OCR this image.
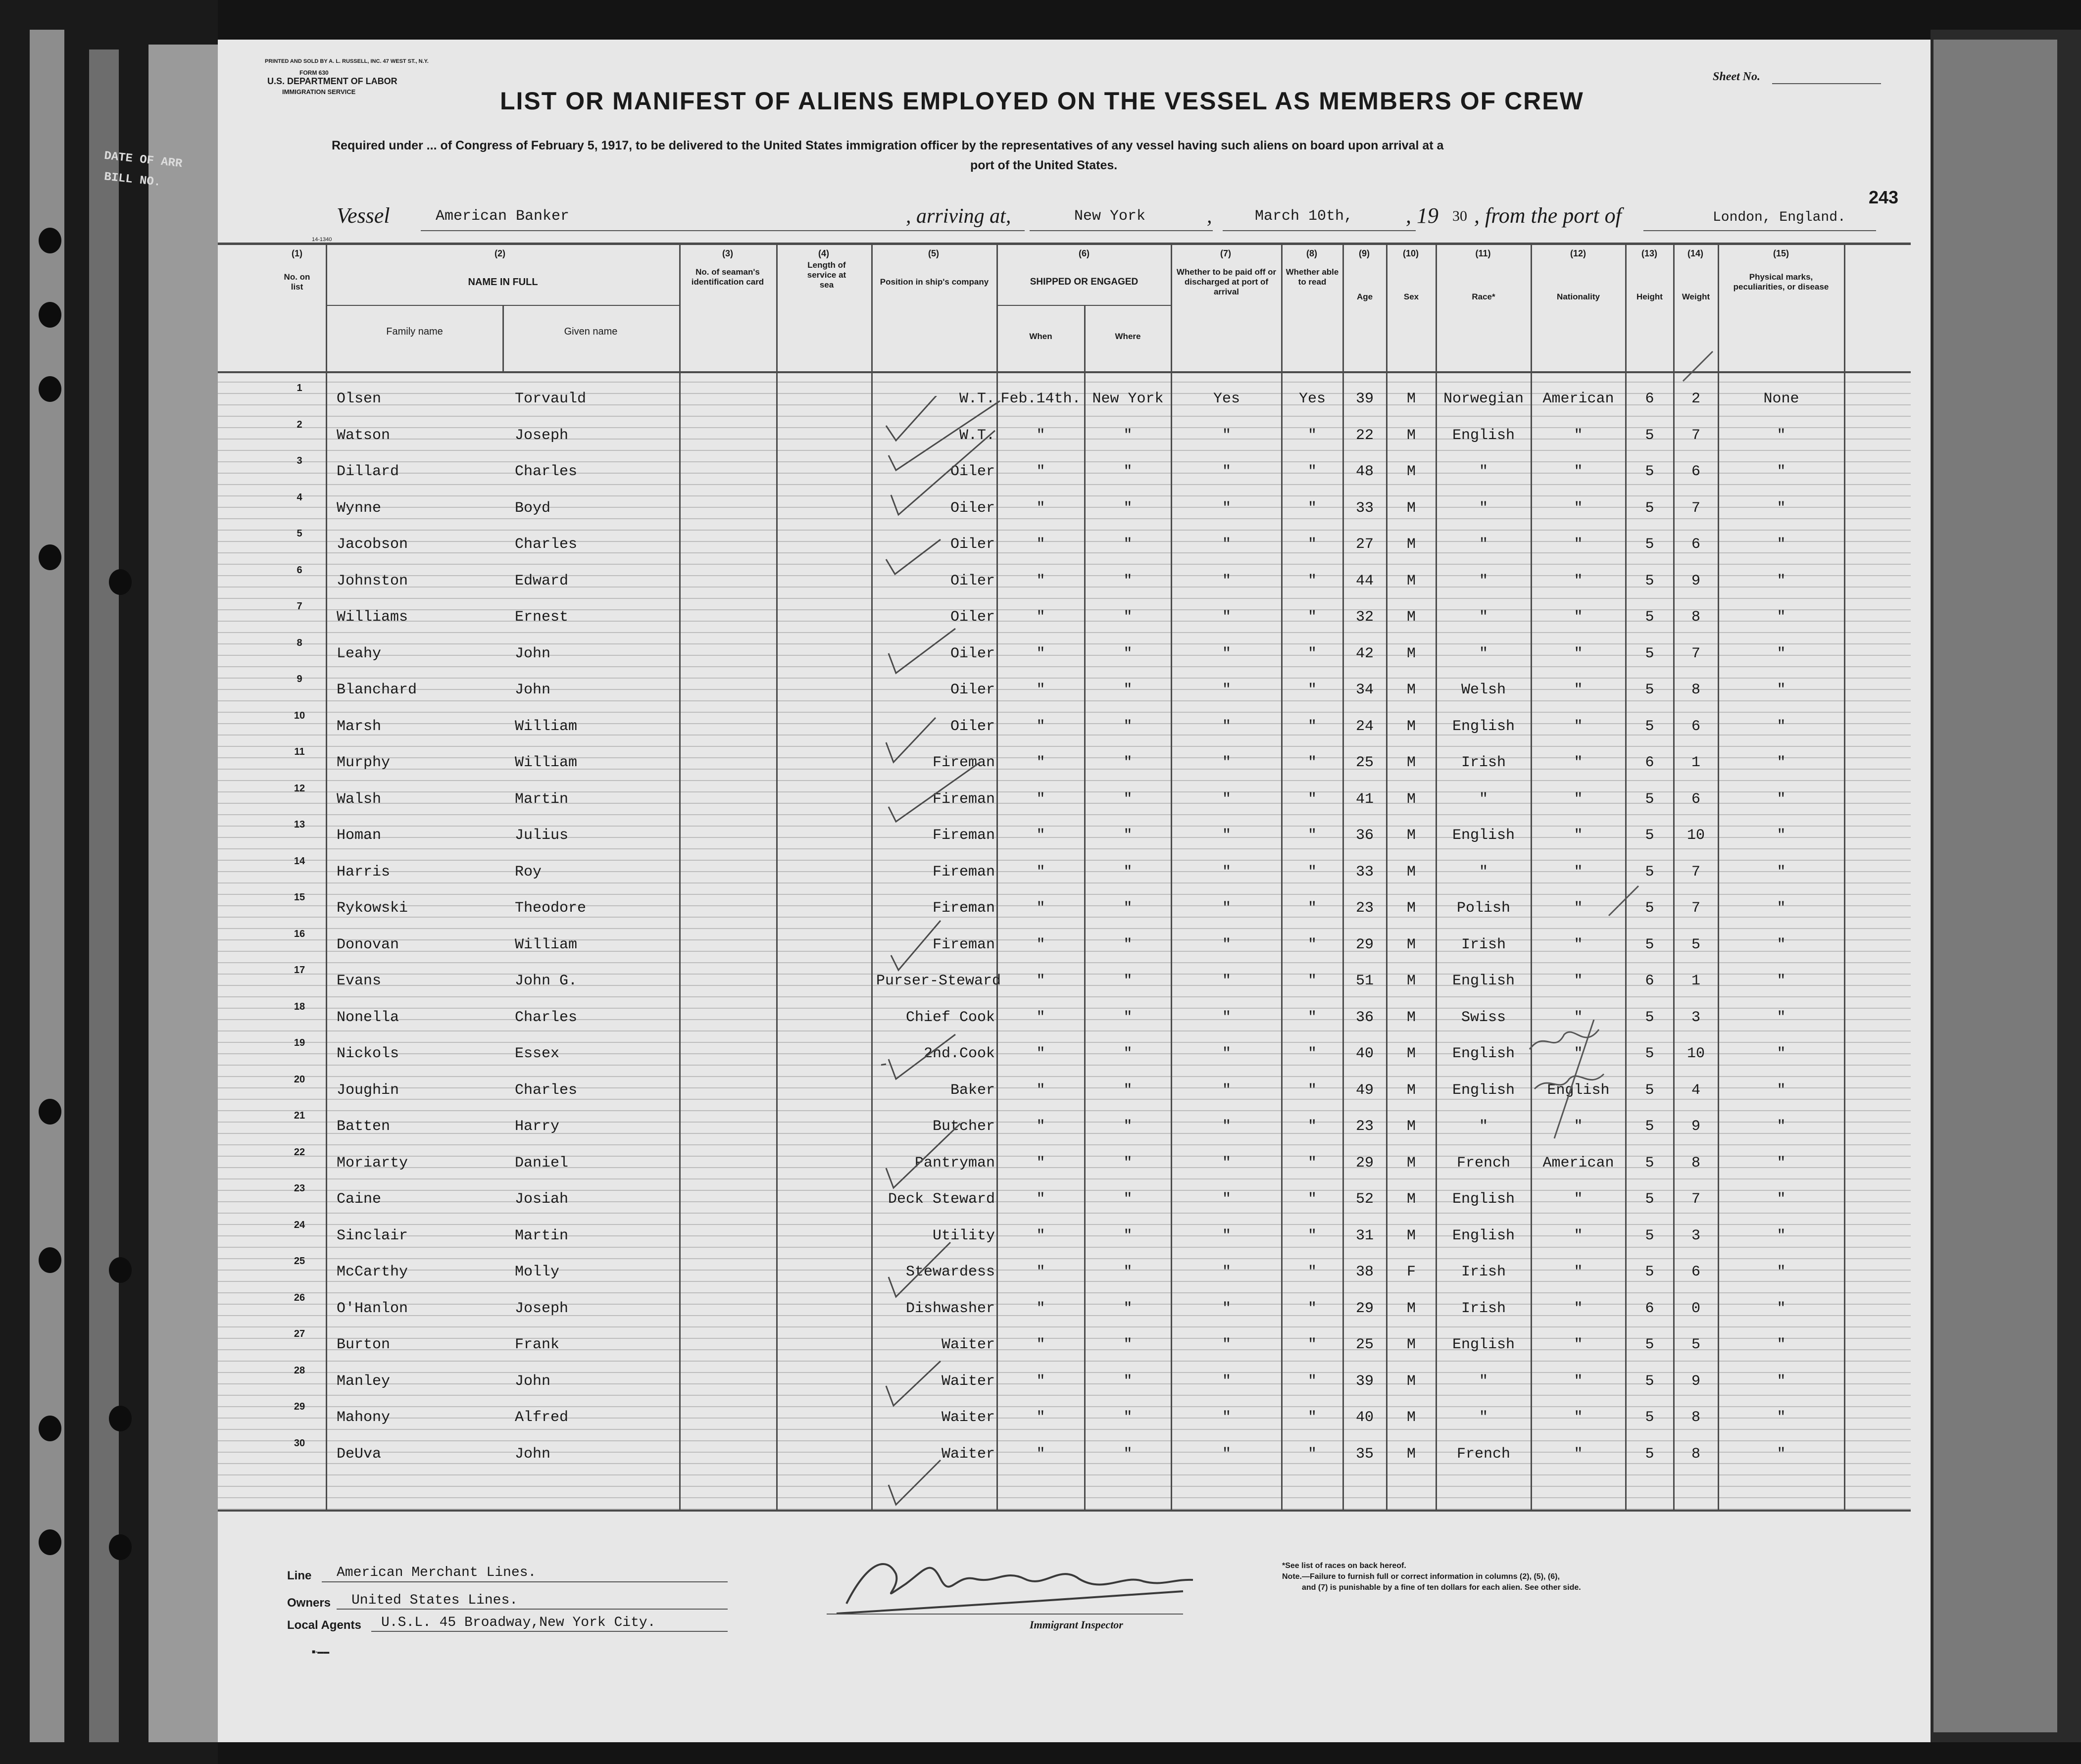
PRINTED AND SOLD BY A. L. RUSSELL, INC. 47 WEST ST., N.Y.
FORM 630
U.S. DEPARTMENT OF LABOR
IMMIGRATION SERVICE	LIST OR MANIFEST OF ALIENS EMPLOYED ON THE VESSEL AS MEMBERS OF CREW
Sheet No.
Required under ... of Congress of February 5, 1917, to be delivered to the United States immigration officer by the representatives of any vessel having such aliens on board upon arrival at a
port of the United States.
DATE OF ARR
BILL NO.
243
14-1340
Vessel	American Banker	, arriving at,	New York	,	March 10th, , 19 30 , from the port of	London, England.
(1)	(2)	(3)	(4)	(5)	(6)	(7)	(8)	(9)	(10)	(11)	(12)	(13)	(14)	(15)
No. on list	NAME IN FULL
Family name	Given name
No. of seaman's identification card
Length of service at sea	Position in ship's company	SHIPPED OR ENGAGED
When	Where
Whether to be paid off or discharged at port of arrival
Whether able to read
Age	Sex	Race*	Nationality	Height	Weight
Physical marks, peculiarities, or disease
1
Olsen	Torvauld	W.T. Feb.14th. New York	Yes	Yes	39	M	Norwegian	American	6	2	None
2
Watson	Joseph	W.T.	"	"	"	"	22	M	English	"	5	7	"
3
Dillard	Charles	Oiler	"	"	"	"	48	M	"	"	5	6	"
4
Wynne	Boyd	Oiler	"	"	"	"	33	M	"	"	5	7	"
5
Jacobson	Charles	Oiler	"	"	"	"	27	M	"	"	5	6	"
6
Johnston	Edward	Oiler	"	"	"	"	44	M	"	"	5	9	"
7
Williams	Ernest	Oiler	"	"	"	"	32	M	"	"	5	8	"
8
Leahy	John	Oiler	"	"	"	"	42	M	"	"	5	7	"
9
Blanchard	John	Oiler	"	"	"	"	34	M	Welsh	"	5	8	"
10
Marsh	William	Oiler	"	"	"	"	24	M	English	"	5	6	"
11
Murphy	William	Fireman	"	"	"	"	25	M	Irish	"	6	1	"
12
Walsh	Martin	Fireman	"	"	"	"	41	M	"	"	5	6	"
13
Homan	Julius	Fireman	"	"	"	"	36	M	English	"	5	10	"
14
Harris	Roy	Fireman	"	"	"	"	33	M	"	"	5	7	"
15
Rykowski	Theodore	Fireman	"	"	"	"	23	M	Polish	"	5	7	"
16
Donovan	William	Fireman	"	"	"	"	29	M	Irish	"	5	5	"
17
Evans	John G.	Purser-Steward	"	"	"	"	51	M	English	"	6	1	"
18
Nonella	Charles	Chief Cook	"	"	"	"	36	M	Swiss	"	5	3	"
19
Nickols	Essex	2nd.Cook	"	"	"	"	40	M	English	"	5	10	"
20
Joughin	Charles	Baker	"	"	"	"	49	M	English	English	5	4	"
21
Batten	Harry	Butcher	"	"	"	"	23	M	"	"	5	9	"
22
Moriarty	Daniel	Pantryman	"	"	"	"	29	M	French	American	5	8	"
23
Caine	Josiah	Deck Steward	"	"	"	"	52	M	English	"	5	7	"
24
Sinclair	Martin	Utility	"	"	"	"	31	M	English	"	5	3	"
25
McCarthy	Molly	Stewardess	"	"	"	"	38	F	Irish	"	5	6	"
26
O'Hanlon	Joseph	Dishwasher	"	"	"	"	29	M	Irish	"	6	0	"
27
Burton	Frank	Waiter	"	"	"	"	25	M	English	"	5	5	"
28
Manley	John	Waiter	"	"	"	"	39	M	"	"	5	9	"
29
Mahony	Alfred	Waiter	"	"	"	"	40	M	"	"	5	8	"
30
DeUva	John	Waiter	"	"	"	"	35	M	French	"	5	8	"
Line American Merchant Lines.
Owners United States Lines.
Local Agents U.S.L. 45 Broadway,New York City.
■-▬▬
Immigrant Inspector
*See list of races on back hereof.
Note.—Failure to furnish full or correct information in columns (2), (5), (6),
and (7) is punishable by a fine of ten dollars for each alien. See other side.
